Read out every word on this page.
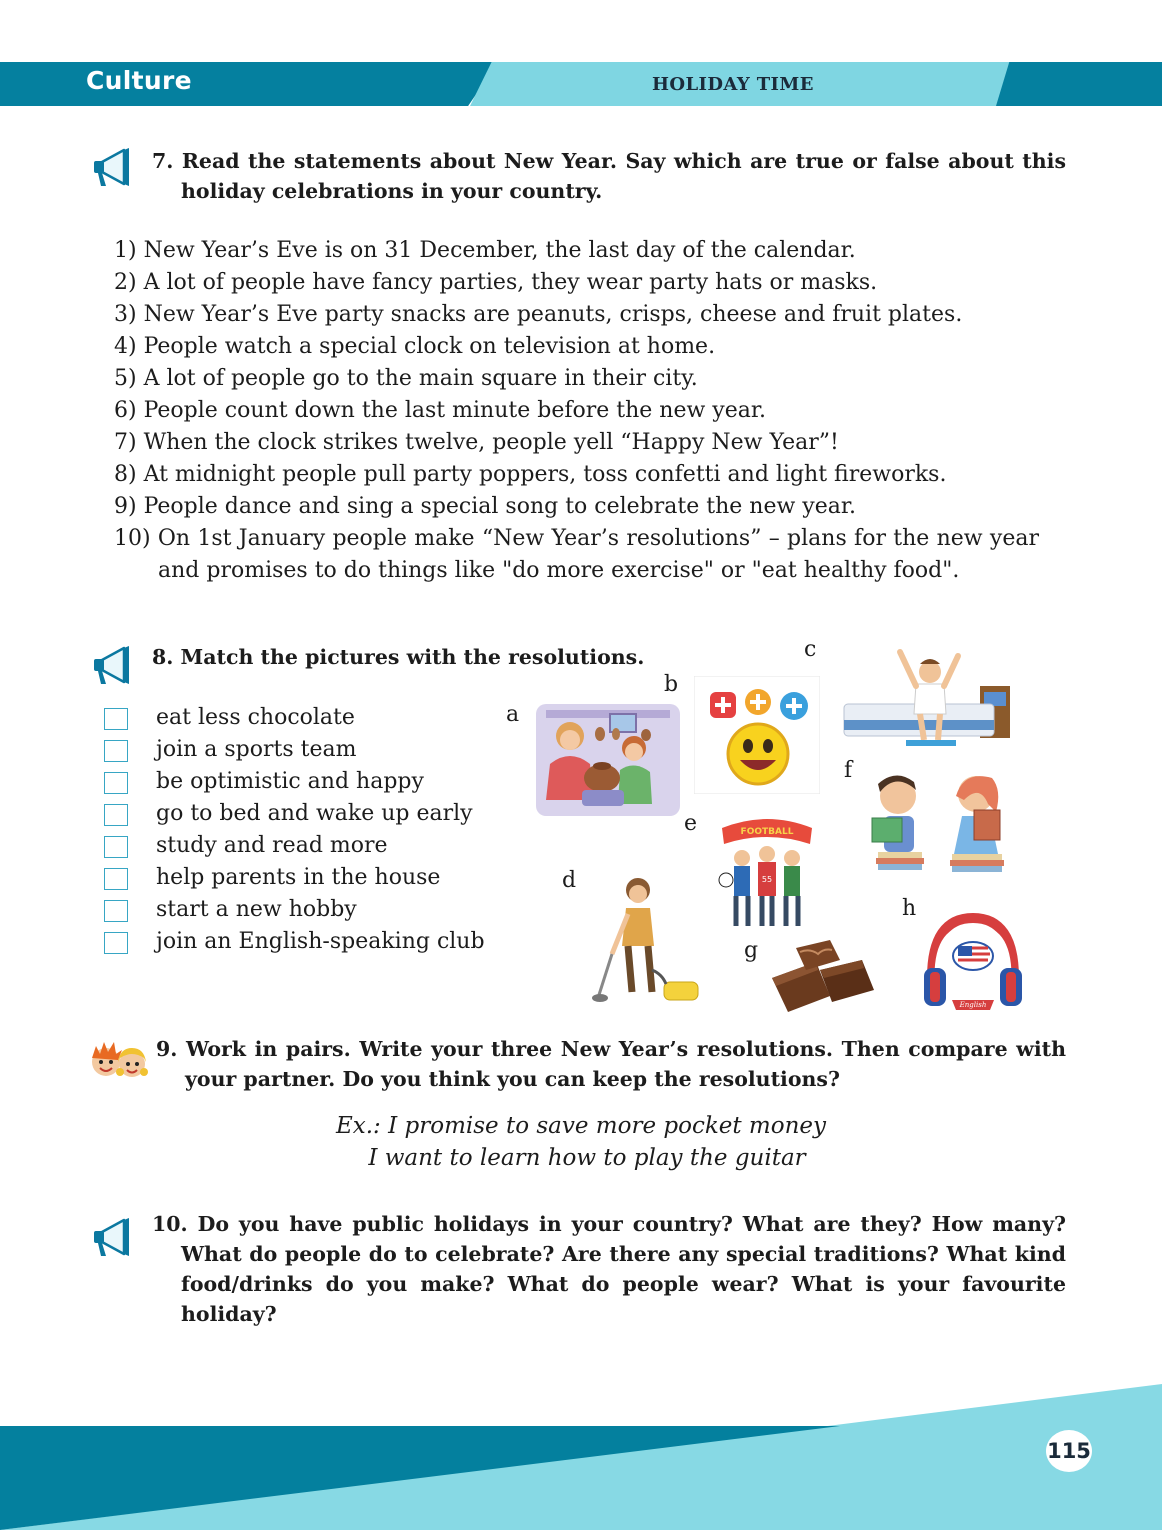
Culture	HOLIDAY TIME
7. Read the statements about New Year. Say which are true or false about this holiday celebrations in your country.
1) New Year’s Eve is on 31 December, the last day of the calendar.
2) A lot of people have fancy parties, they wear party hats or masks.
3) New Year’s Eve party snacks are peanuts, crisps, cheese and fruit plates.
4) People watch a special clock on television at home.
5) A lot of people go to the main square in their city.
6) People count down the last minute before the new year.
7) When the clock strikes twelve, people yell “Happy New Year”!
8) At midnight people pull party poppers, toss confetti and light fireworks.
9) People dance and sing a special song to celebrate the new year.
10) On 1st January people make “New Year’s resolutions” – plans for the new year and promises to do things like "do more exercise" or "eat healthy food".
8. Match the pictures with the resolutions.
eat less chocolate
join a sports team
be optimistic and happy
go to bed and wake up early
study and read more
help parents in the house
start a new hobby
join an English-speaking club
a
b
c
d
e
f
g
h
FOOTBALL
55
English
9. Work in pairs. Write your three New Year’s resolutions. Then compare with your partner. Do you think you can keep the resolutions?
Ex.: I promise to save more pocket money
I want to learn how to play the guitar
10. Do you have public holidays in your country? What are they? How many? What do people do to celebrate? Are there any special traditions? What kind food/drinks do you make? What do people wear? What is your favourite holiday?
115
